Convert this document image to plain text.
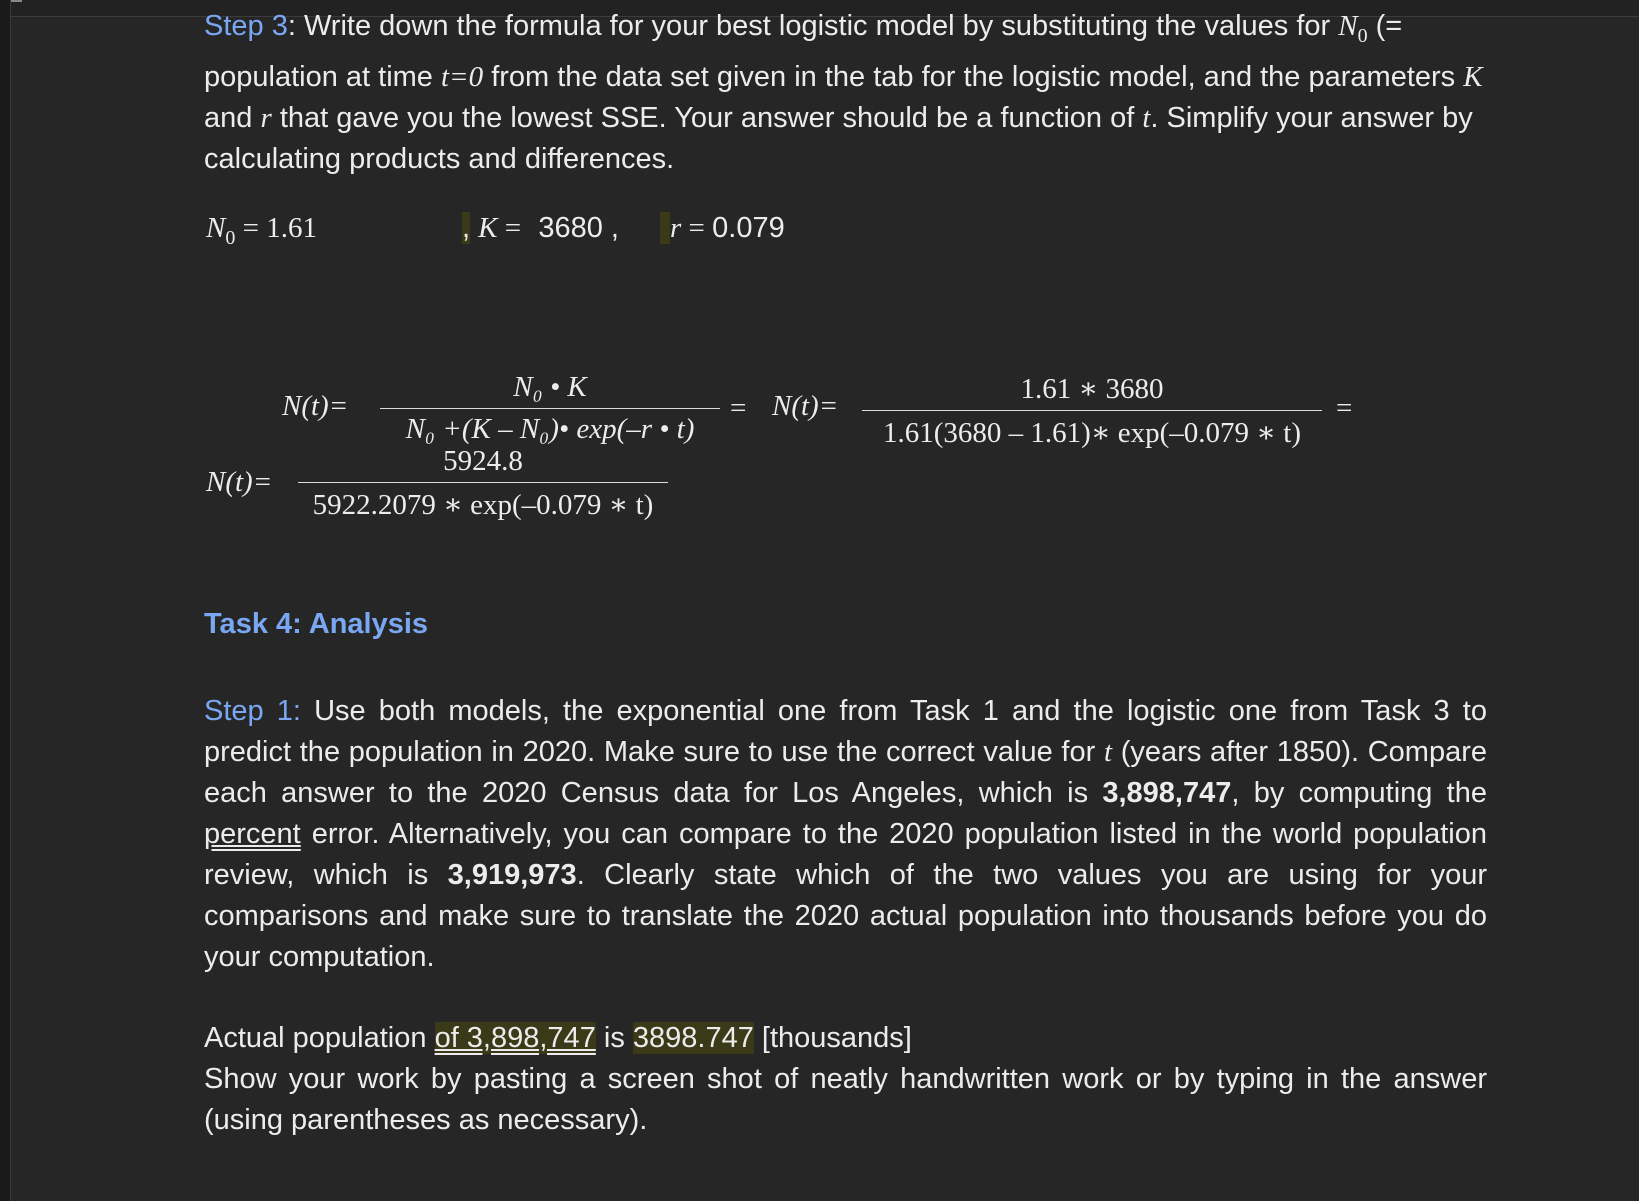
Step 3: Write down the formula for your best logistic model by substituting the values for $N_0$ (=
population at time t=0 from the data set given in the tab for the logistic model, and the parameters K
and r that gave you the lowest SSE. Your answer should be a function of t. Simplify your answer by
calculating products and differences.
$N_0 = 1.61$	, K = 3680 ,	r = 0.079
N(t)=
N₀ • K
N₀ +(K – N₀)• exp(–r • t)
= N(t)=
1.61 ∗ 3680
1.61(3680 – 1.61)∗ exp(–0.079 ∗ t)
=
N(t)=
5924.8
5922.2079 ∗ exp(–0.079 ∗ t)
Task 4: Analysis
Step 1: Use both models, the exponential one from Task 1 and the logistic one from Task 3 to predict the population in 2020. Make sure to use the correct value for t (years after 1850). Compare each answer to the 2020 Census data for Los Angeles, which is 3,898,747, by computing the percent error. Alternatively, you can compare to the 2020 population listed in the world population review, which is 3,919,973. Clearly state which of the two values you are using for your comparisons and make sure to translate the 2020 actual population into thousands before you do your computation.
Actual population of 3,898,747 is 3898.747 [thousands]
Show your work by pasting a screen shot of neatly handwritten work or by typing in the answer (using parentheses as necessary).
